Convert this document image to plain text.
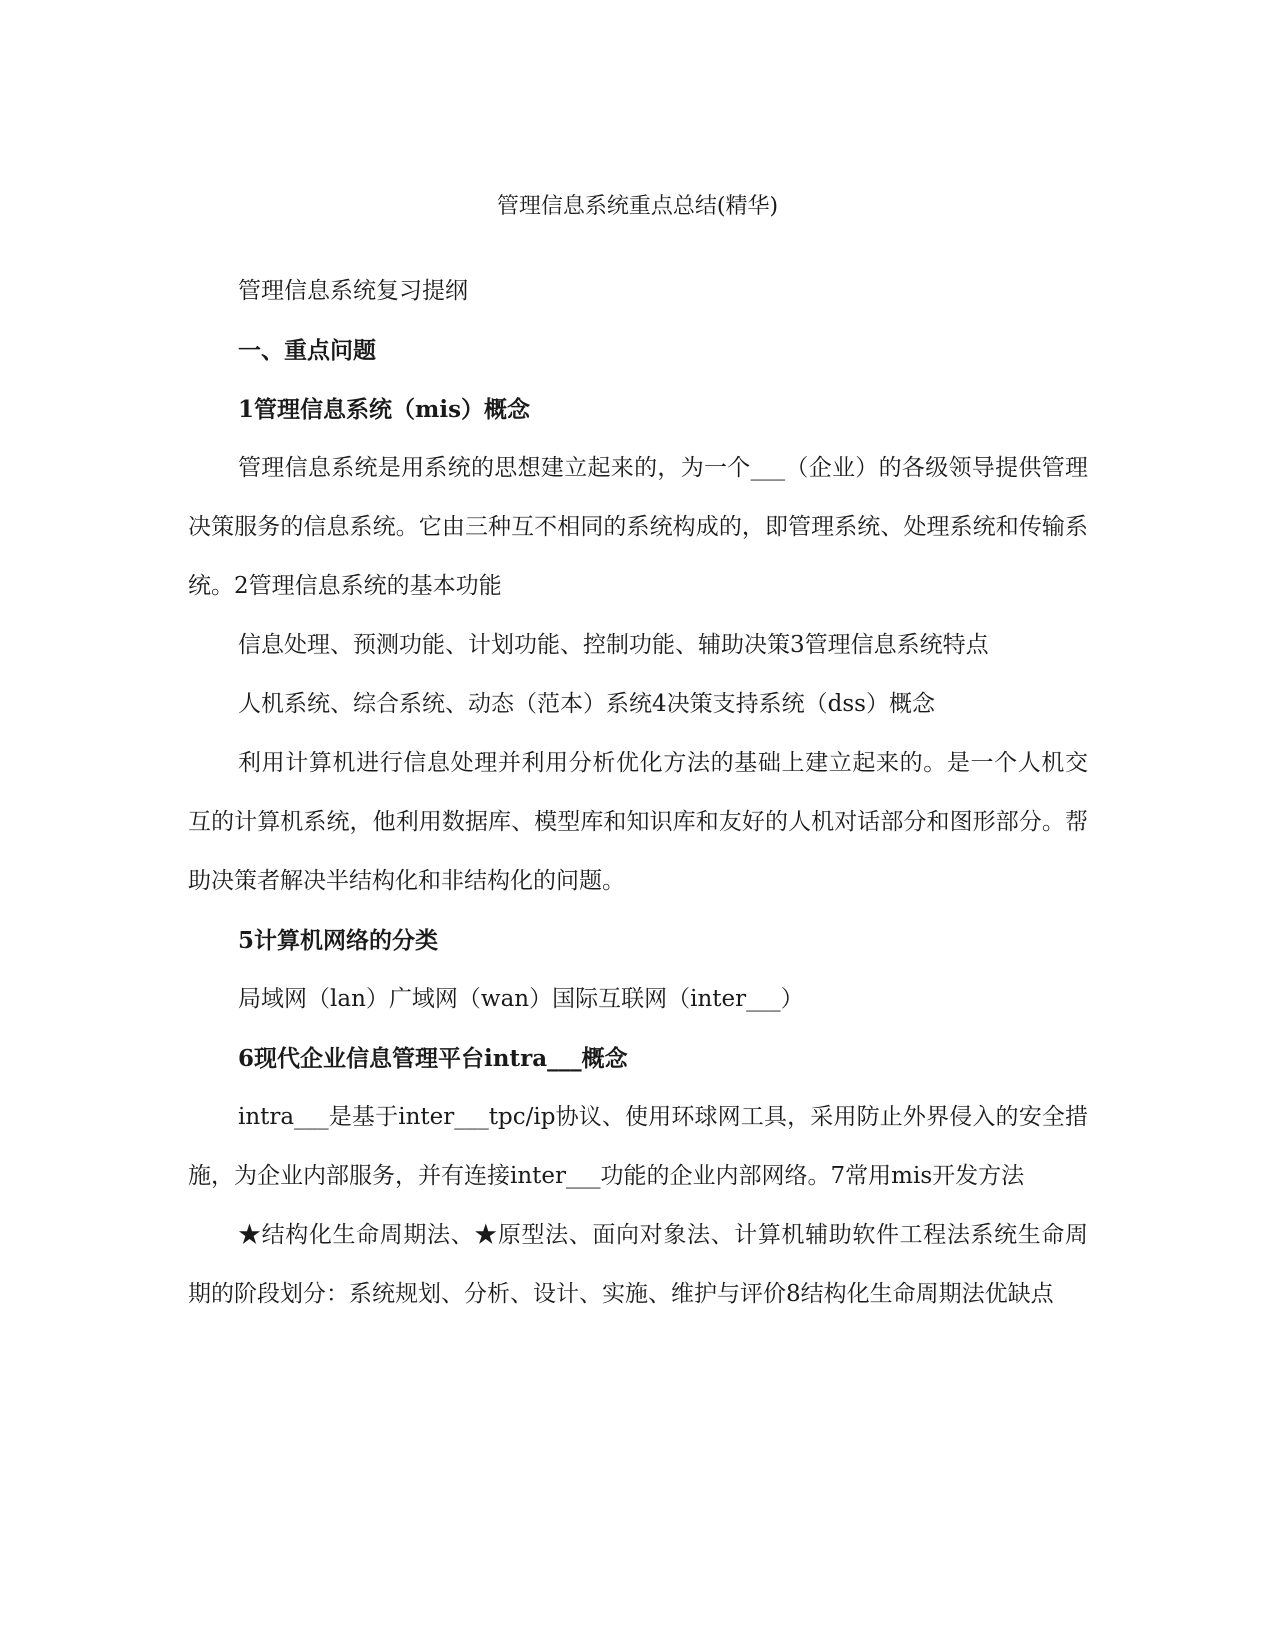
管理信息系统重点总结(精华)

管理信息系统复习提纲

一、重点问题

1管理信息系统（mis）概念

管理信息系统是用系统的思想建立起来的，为一个___（企业）的各级领导提供管理决策服务的信息系统。它由三种互不相同的系统构成的，即管理系统、处理系统和传输系统。2管理信息系统的基本功能

信息处理、预测功能、计划功能、控制功能、辅助决策3管理信息系统特点

人机系统、综合系统、动态（范本）系统4决策支持系统（dss）概念

利用计算机进行信息处理并利用分析优化方法的基础上建立起来的。是一个人机交互的计算机系统，他利用数据库、模型库和知识库和友好的人机对话部分和图形部分。帮助决策者解决半结构化和非结构化的问题。

5计算机网络的分类

局域网（lan）广域网（wan）国际互联网（inter___）

6现代企业信息管理平台intra___概念

intra___是基于inter___tpc/ip协议、使用环球网工具，采用防止外界侵入的安全措施，为企业内部服务，并有连接inter___功能的企业内部网络。7常用mis开发方法

★结构化生命周期法、★原型法、面向对象法、计算机辅助软件工程法系统生命周期的阶段划分：系统规划、分析、设计、实施、维护与评价8结构化生命周期法优缺点
